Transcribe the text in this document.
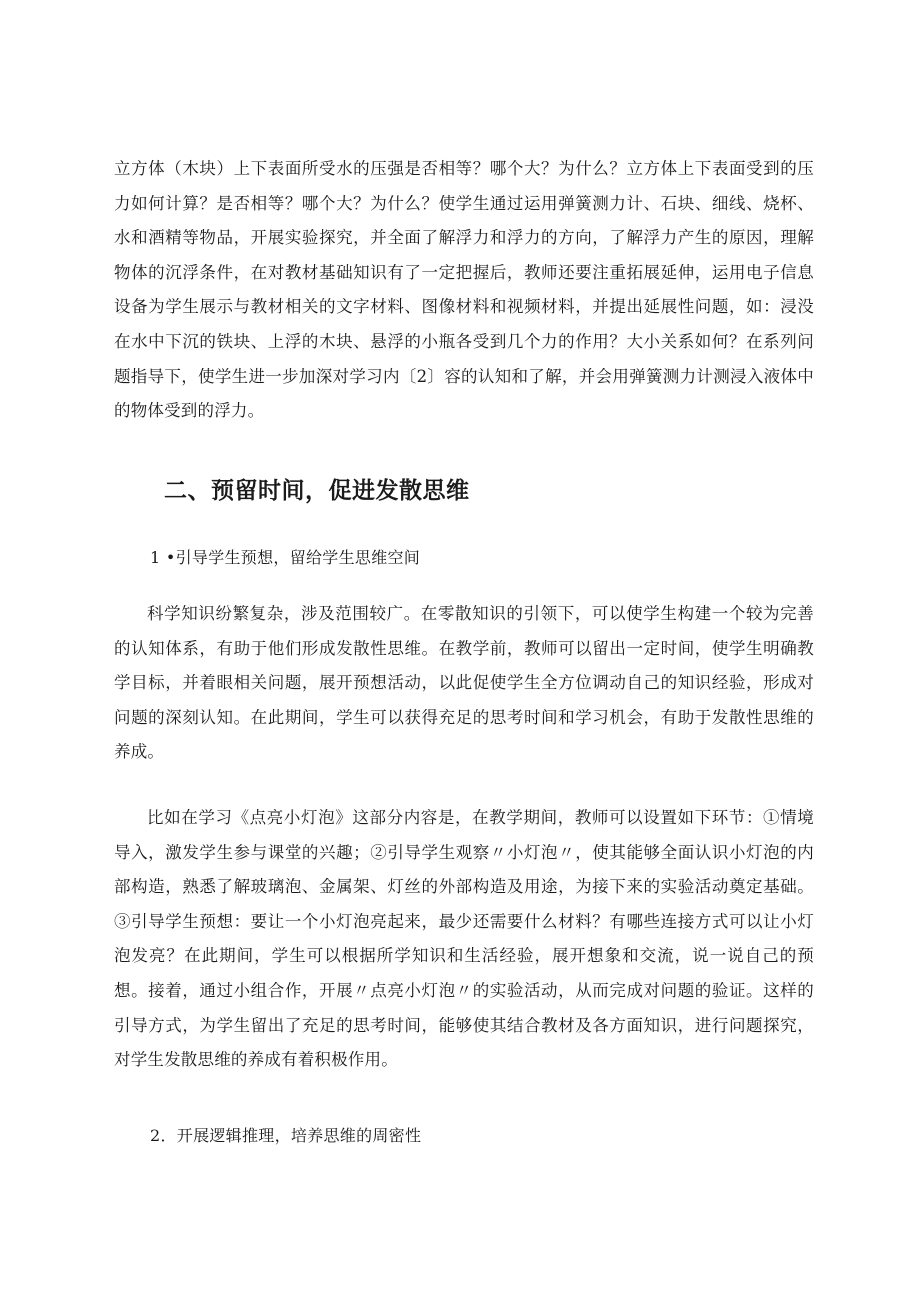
立方体（木块）上下表面所受水的压强是否相等？哪个大？为什么？立方体上下表面受到的压力如何计算？是否相等？哪个大？为什么？使学生通过运用弹簧测力计、石块、细线、烧杯、水和酒精等物品，开展实验探究，并全面了解浮力和浮力的方向，了解浮力产生的原因，理解物体的沉浮条件，在对教材基础知识有了一定把握后，教师还要注重拓展延伸，运用电子信息设备为学生展示与教材相关的文字材料、图像材料和视频材料，并提出延展性问题，如：浸没在水中下沉的铁块、上浮的木块、悬浮的小瓶各受到几个力的作用？大小关系如何？在系列问题指导下，使学生进一步加深对学习内〔2〕容的认知和了解，并会用弹簧测力计测浸入液体中的物体受到的浮力。

二、预留时间，促进发散思维

1 •引导学生预想，留给学生思维空间

科学知识纷繁复杂，涉及范围较广。在零散知识的引领下，可以使学生构建一个较为完善的认知体系，有助于他们形成发散性思维。在教学前，教师可以留出一定时间，使学生明确教学目标，并着眼相关问题，展开预想活动，以此促使学生全方位调动自己的知识经验，形成对问题的深刻认知。在此期间，学生可以获得充足的思考时间和学习机会，有助于发散性思维的养成。

比如在学习《点亮小灯泡》这部分内容是，在教学期间，教师可以设置如下环节：①情境导入，激发学生参与课堂的兴趣；②引导学生观察〃小灯泡〃，使其能够全面认识小灯泡的内部构造，熟悉了解玻璃泡、金属架、灯丝的外部构造及用途，为接下来的实验活动奠定基础。③引导学生预想：要让一个小灯泡亮起来，最少还需要什么材料？有哪些连接方式可以让小灯泡发亮？在此期间，学生可以根据所学知识和生活经验，展开想象和交流，说一说自己的预想。接着，通过小组合作，开展〃点亮小灯泡〃的实验活动，从而完成对问题的验证。这样的引导方式，为学生留出了充足的思考时间，能够使其结合教材及各方面知识，进行问题探究，对学生发散思维的养成有着积极作用。

2．开展逻辑推理，培养思维的周密性
